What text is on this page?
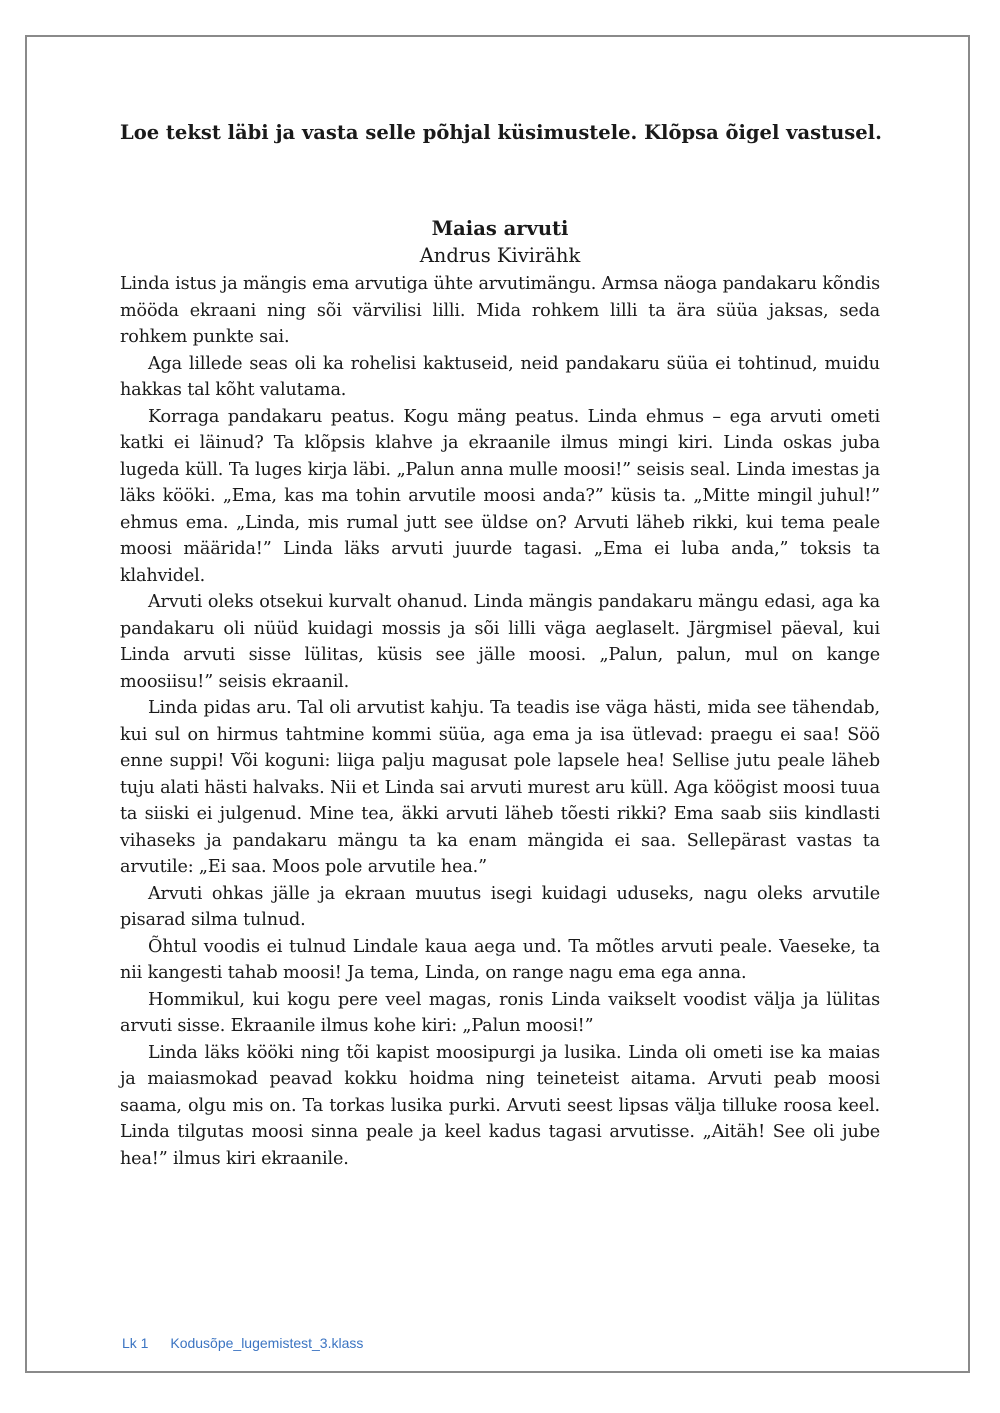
Loe tekst läbi ja vasta selle põhjal küsimustele. Klõpsa õigel vastusel.
Maias arvuti
Andrus Kivirähk

Linda istus ja mängis ema arvutiga ühte arvutimängu. Armsa näoga pandakaru kõndis mööda ekraani ning sõi värvilisi lilli. Mida rohkem lilli ta ära süüa jaksas, seda rohkem punkte sai.

Aga lillede seas oli ka rohelisi kaktuseid, neid pandakaru süüa ei tohtinud, muidu hakkas tal kõht valutama.

Korraga pandakaru peatus. Kogu mäng peatus. Linda ehmus – ega arvuti ometi katki ei läinud? Ta klõpsis klahve ja ekraanile ilmus mingi kiri. Linda oskas juba lugeda küll. Ta luges kirja läbi. „Palun anna mulle moosi!” seisis seal. Linda imestas ja läks kööki. „Ema, kas ma tohin arvutile moosi anda?” küsis ta. „Mitte mingil juhul!” ehmus ema. „Linda, mis rumal jutt see üldse on? Arvuti läheb rikki, kui tema peale moosi määrida!” Linda läks arvuti juurde tagasi. „Ema ei luba anda,” toksis ta klahvidel.

Arvuti oleks otsekui kurvalt ohanud. Linda mängis pandakaru mängu edasi, aga ka pandakaru oli nüüd kuidagi mossis ja sõi lilli väga aeglaselt. Järgmisel päeval, kui Linda arvuti sisse lülitas, küsis see jälle moosi. „Palun, palun, mul on kange moosiisu!” seisis ekraanil.

Linda pidas aru. Tal oli arvutist kahju. Ta teadis ise väga hästi, mida see tähendab, kui sul on hirmus tahtmine kommi süüa, aga ema ja isa ütlevad: praegu ei saa! Söö enne suppi! Või koguni: liiga palju magusat pole lapsele hea! Sellise jutu peale läheb tuju alati hästi halvaks. Nii et Linda sai arvuti murest aru küll. Aga köögist moosi tuua ta siiski ei julgenud. Mine tea, äkki arvuti läheb tõesti rikki? Ema saab siis kindlasti vihaseks ja pandakaru mängu ta ka enam mängida ei saa. Sellepärast vastas ta arvutile: „Ei saa. Moos pole arvutile hea.”

Arvuti ohkas jälle ja ekraan muutus isegi kuidagi uduseks, nagu oleks arvutile pisarad silma tulnud.

Õhtul voodis ei tulnud Lindale kaua aega und. Ta mõtles arvuti peale. Vaeseke, ta nii kangesti tahab moosi! Ja tema, Linda, on range nagu ema ega anna.

Hommikul, kui kogu pere veel magas, ronis Linda vaikselt voodist välja ja lülitas arvuti sisse. Ekraanile ilmus kohe kiri: „Palun moosi!”

Linda läks kööki ning tõi kapist moosipurgi ja lusika. Linda oli ometi ise ka maias ja maiasmokad peavad kokku hoidma ning teineteist aitama. Arvuti peab moosi saama, olgu mis on. Ta torkas lusika purki. Arvuti seest lipsas välja tilluke roosa keel. Linda tilgutas moosi sinna peale ja keel kadus tagasi arvutisse. „Aitäh! See oli jube hea!” ilmus kiri ekraanile.

Lk 1 Kodusõpe_lugemistest_3.klass
